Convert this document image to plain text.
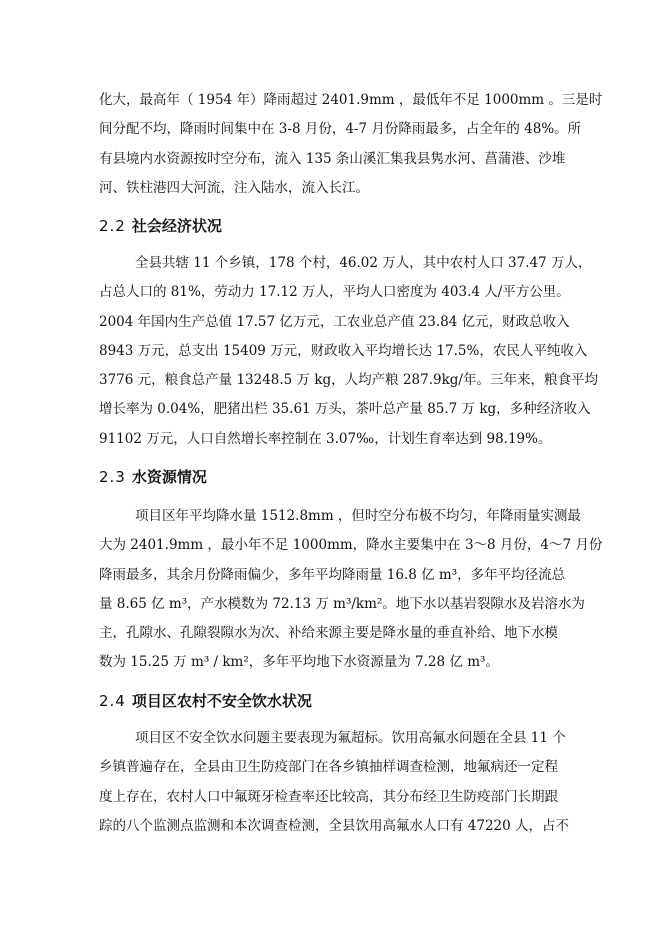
化大，最高年（ 1954 年）降雨超过 2401.9mm ，最低年不足 1000mm 。三是时
间分配不均，降雨时间集中在 3-8 月份，4-7 月份降雨最多，占全年的 48%。所
有县境内水资源按时空分布，流入 135 条山溪汇集我县隽水河、菖蒲港、沙堆
河、铁柱港四大河流，注入陆水，流入长江。
2.2 社会经济状况
全县共辖 11 个乡镇，178 个村，46.02 万人，其中农村人口 37.47 万人，
占总人口的 81%，劳动力 17.12 万人，平均人口密度为 403.4 人/平方公里。
2004 年国内生产总值 17.57 亿万元，工农业总产值 23.84 亿元，财政总收入
8943 万元，总支出 15409 万元，财政收入平均增长达 17.5%，农民人平纯收入
3776 元，粮食总产量 13248.5 万 kg，人均产粮 287.9kg/年。三年来，粮食平均
增长率为 0.04%，肥猪出栏 35.61 万头，茶叶总产量 85.7 万 kg，多种经济收入
91102 万元，人口自然增长率控制在 3.07‰，计划生育率达到 98.19%。
2.3 水资源情况
项目区年平均降水量 1512.8mm ，但时空分布极不均匀，年降雨量实测最
大为 2401.9mm ，最小年不足 1000mm，降水主要集中在 3～8 月份，4～7 月份
降雨最多，其余月份降雨偏少，多年平均降雨量 16.8 亿 m³，多年平均径流总
量 8.65 亿 m³，产水模数为 72.13 万 m³/km²。地下水以基岩裂隙水及岩溶水为
主，孔隙水、孔隙裂隙水为次、补给来源主要是降水量的垂直补给、地下水模
数为 15.25 万 m³ / km²，多年平均地下水资源量为 7.28 亿 m³。
2.4 项目区农村不安全饮水状况
项目区不安全饮水问题主要表现为氟超标。饮用高氟水问题在全县 11 个
乡镇普遍存在，全县由卫生防疫部门在各乡镇抽样调查检测，地氟病还一定程
度上存在，农村人口中氟斑牙检查率还比较高，其分布经卫生防疫部门长期跟
踪的八个监测点监测和本次调查检测，全县饮用高氟水人口有 47220 人，占不
